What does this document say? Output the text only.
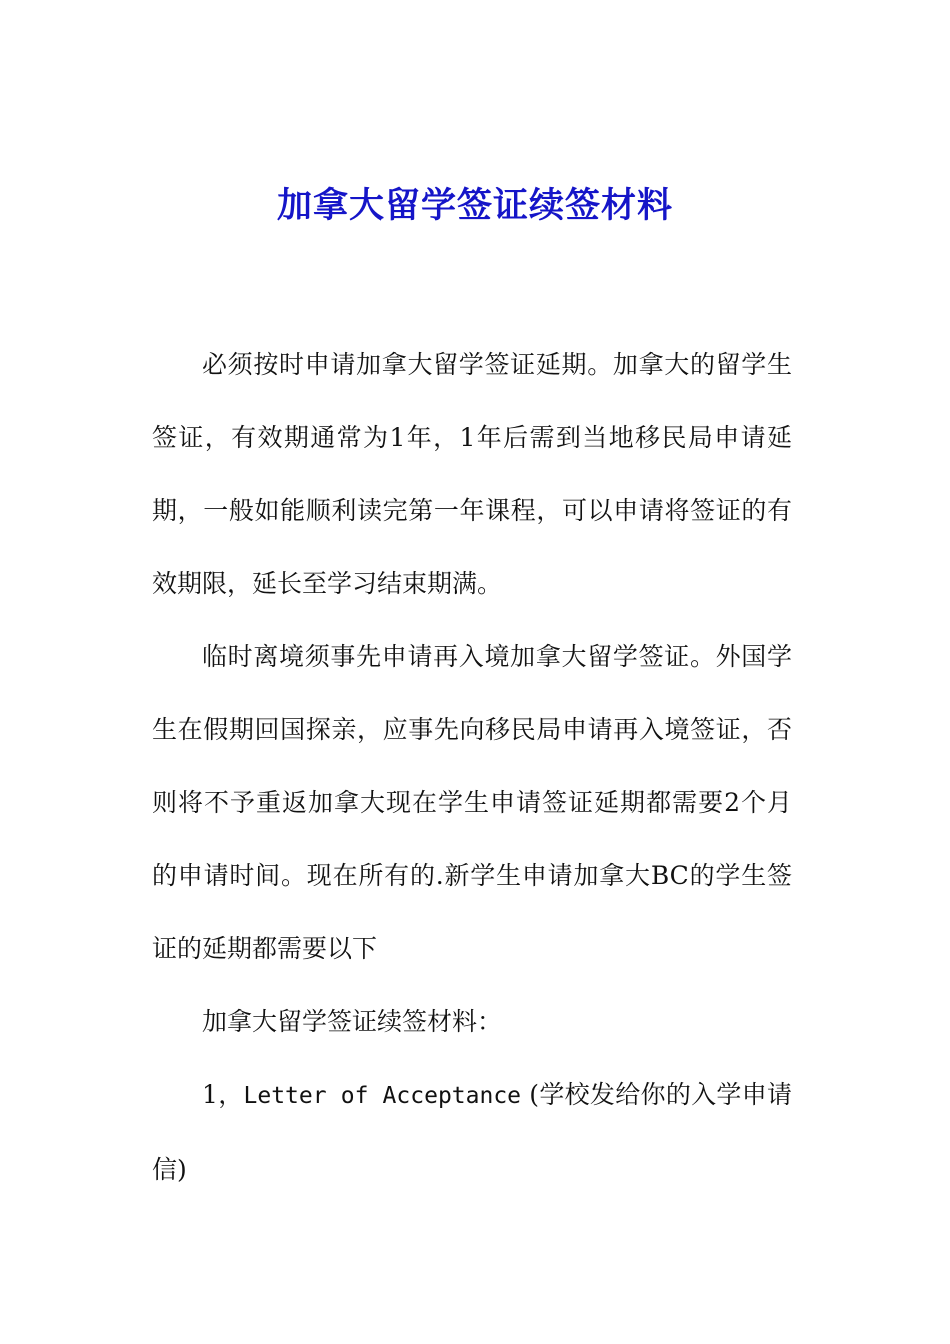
加拿大留学签证续签材料

必须按时申请加拿大留学签证延期。加拿大的留学生签证，有效期通常为1年，1年后需到当地移民局申请延期，一般如能顺利读完第一年课程，可以申请将签证的有效期限，延长至学习结束期满。

临时离境须事先申请再入境加拿大留学签证。外国学生在假期回国探亲，应事先向移民局申请再入境签证，否则将不予重返加拿大现在学生申请签证延期都需要2个月的申请时间。现在所有的.新学生申请加拿大BC的学生签证的延期都需要以下

加拿大留学签证续签材料：

1，Letter of Acceptance (学校发给你的入学申请信)
